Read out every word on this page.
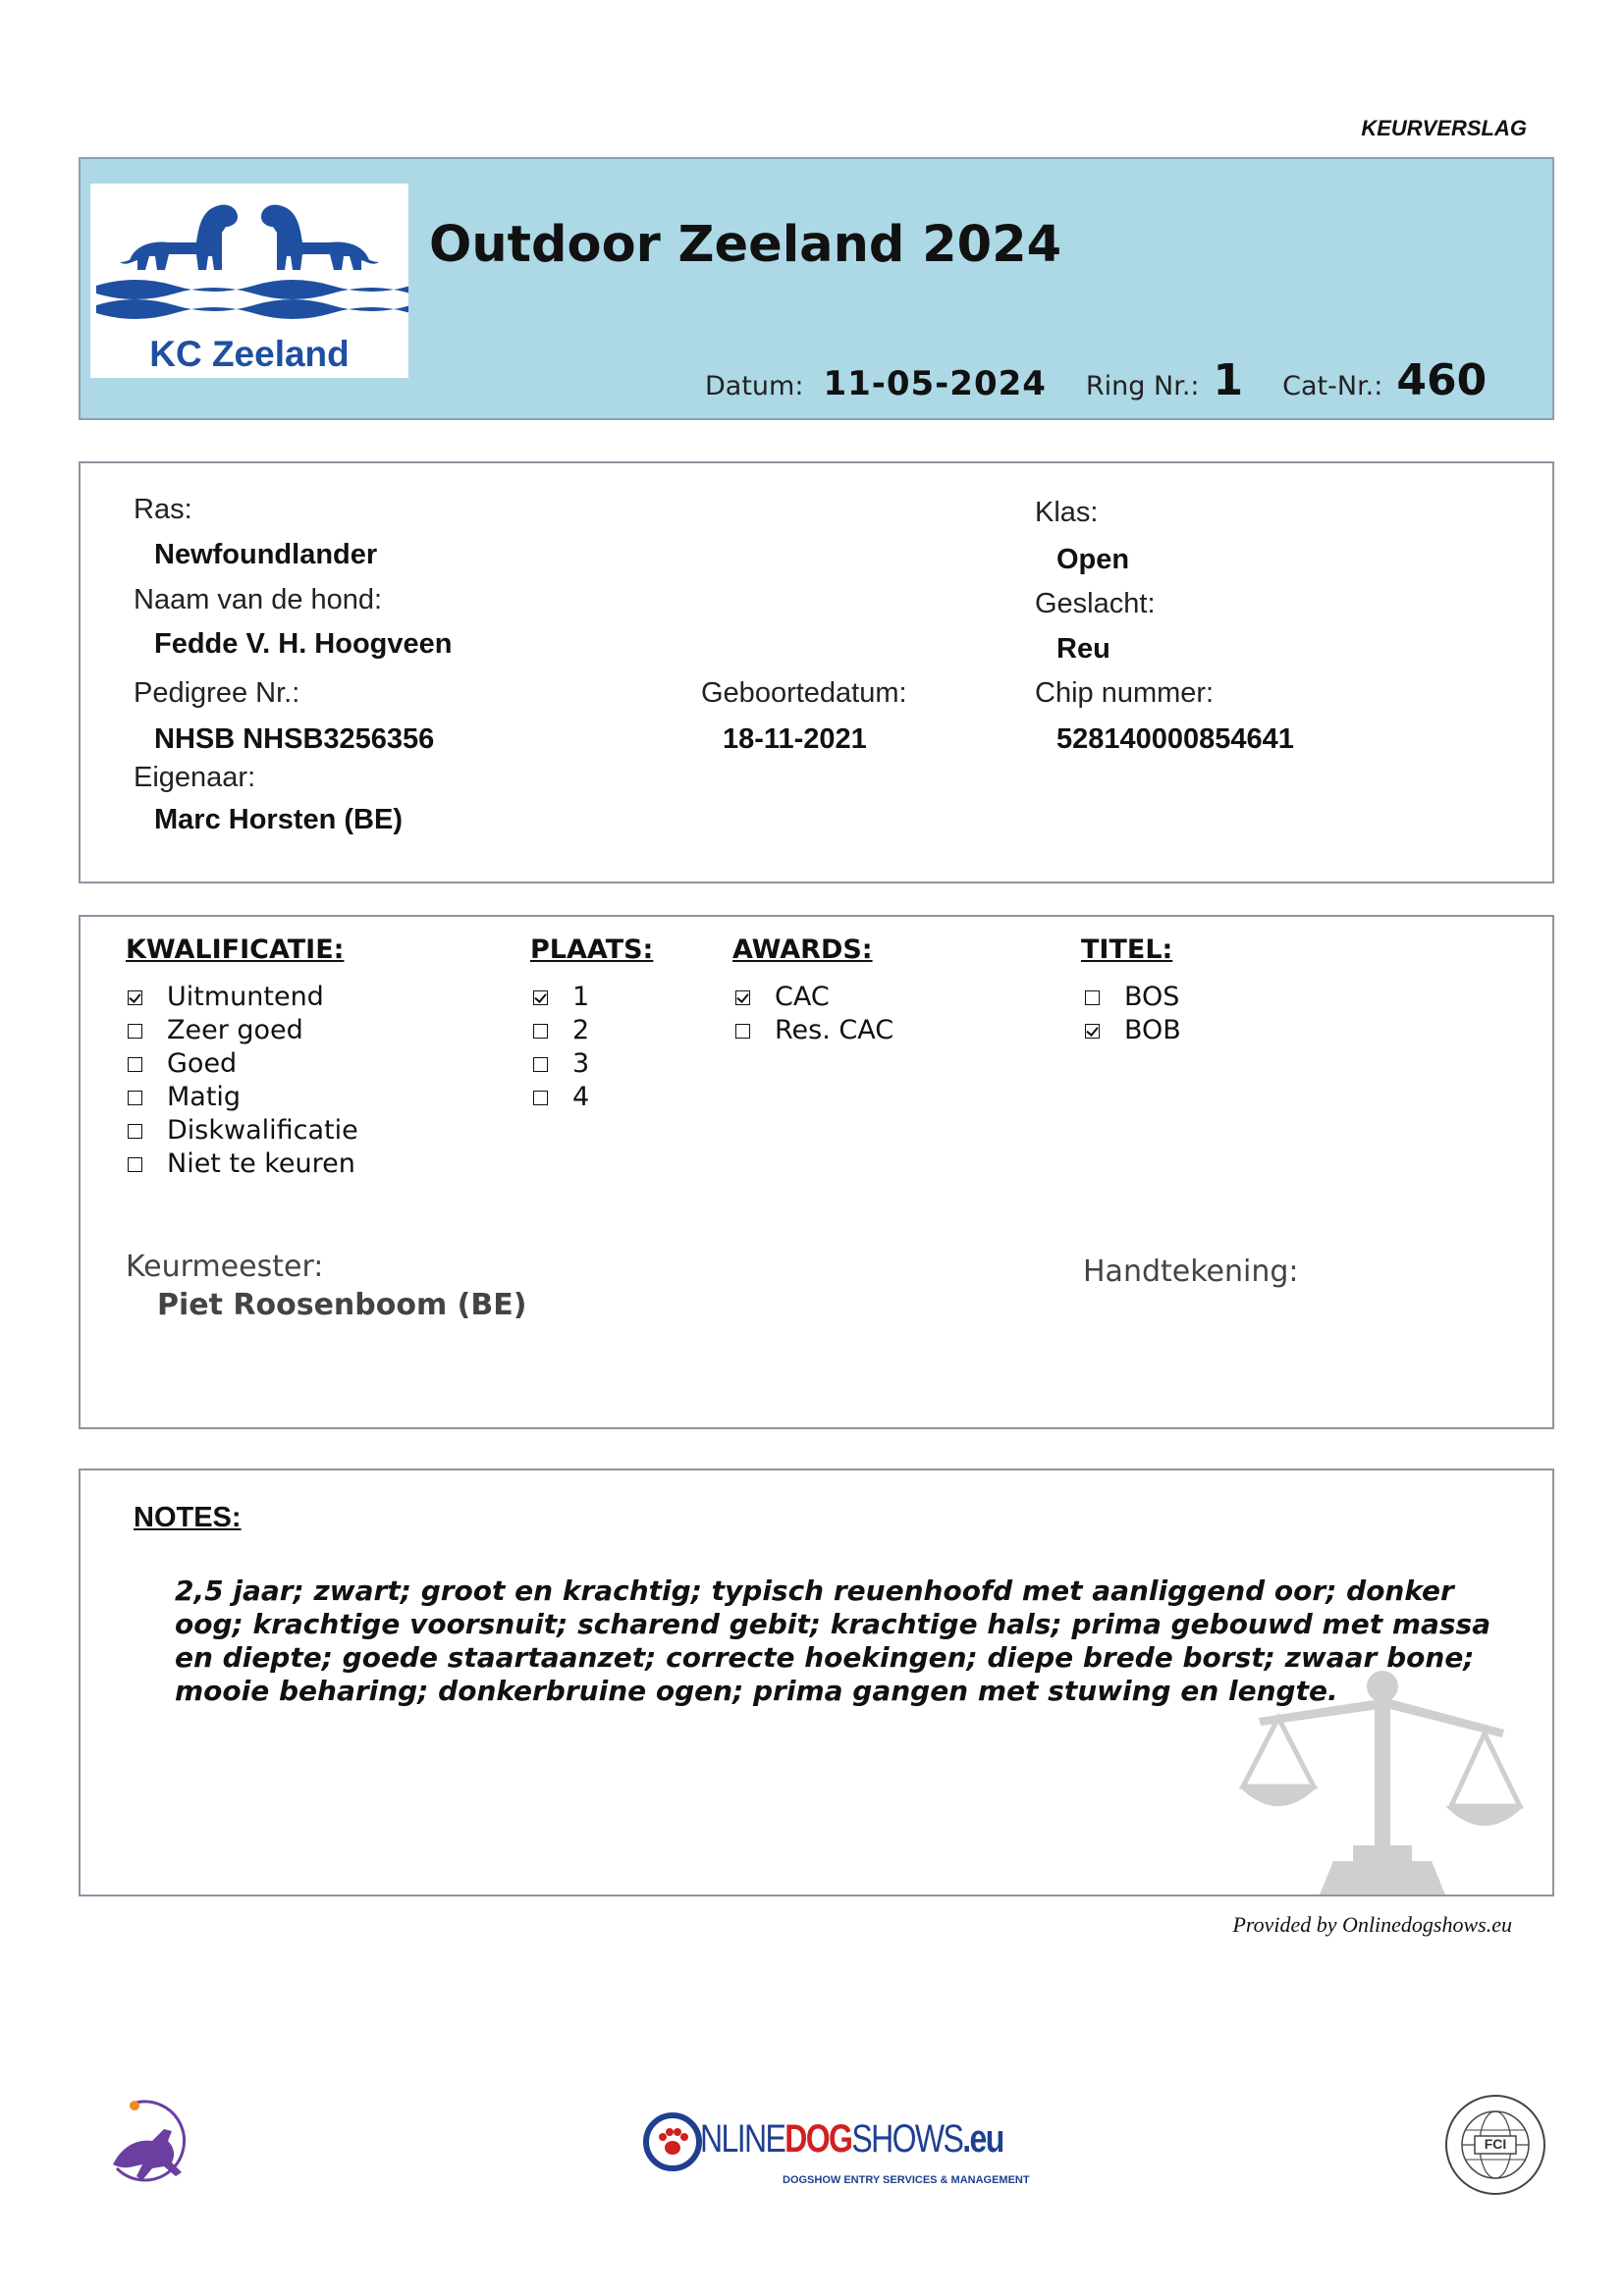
KEURVERSLAG
KC Zeeland
Outdoor Zeeland 2024
Datum: 11-05-2024 Ring Nr.: 1 Cat-Nr.: 460
Ras:
Newfoundlander
Naam van de hond:
Fedde V. H. Hoogveen
Pedigree Nr.:
NHSB NHSB3256356
Eigenaar:
Marc Horsten (BE)
Geboortedatum:
18-11-2021
Klas:
Open
Geslacht:
Reu
Chip nummer:
528140000854641
KWALIFICATIE:
Uitmuntend
Zeer goed
Goed
Matig
Diskwalificatie
Niet te keuren
PLAATS:
1
2
3
4
AWARDS:
CAC
Res. CAC
TITEL:
BOS
BOB
Keurmeester:
Piet Roosenboom (BE)
Handtekening:
NOTES:
2,5 jaar; zwart; groot en krachtig; typisch reuenhoofd met aanliggend oor; donker
oog; krachtige voorsnuit; scharend gebit; krachtige hals; prima gebouwd met massa
en diepte; goede staartaanzet; correcte hoekingen; diepe brede borst; zwaar bone;
mooie beharing; donkerbruine ogen; prima gangen met stuwing en lengte.
Provided by Onlinedogshows.eu
NLINEDOGSHOWS.eu
DOGSHOW ENTRY SERVICES & MANAGEMENT
FCI
